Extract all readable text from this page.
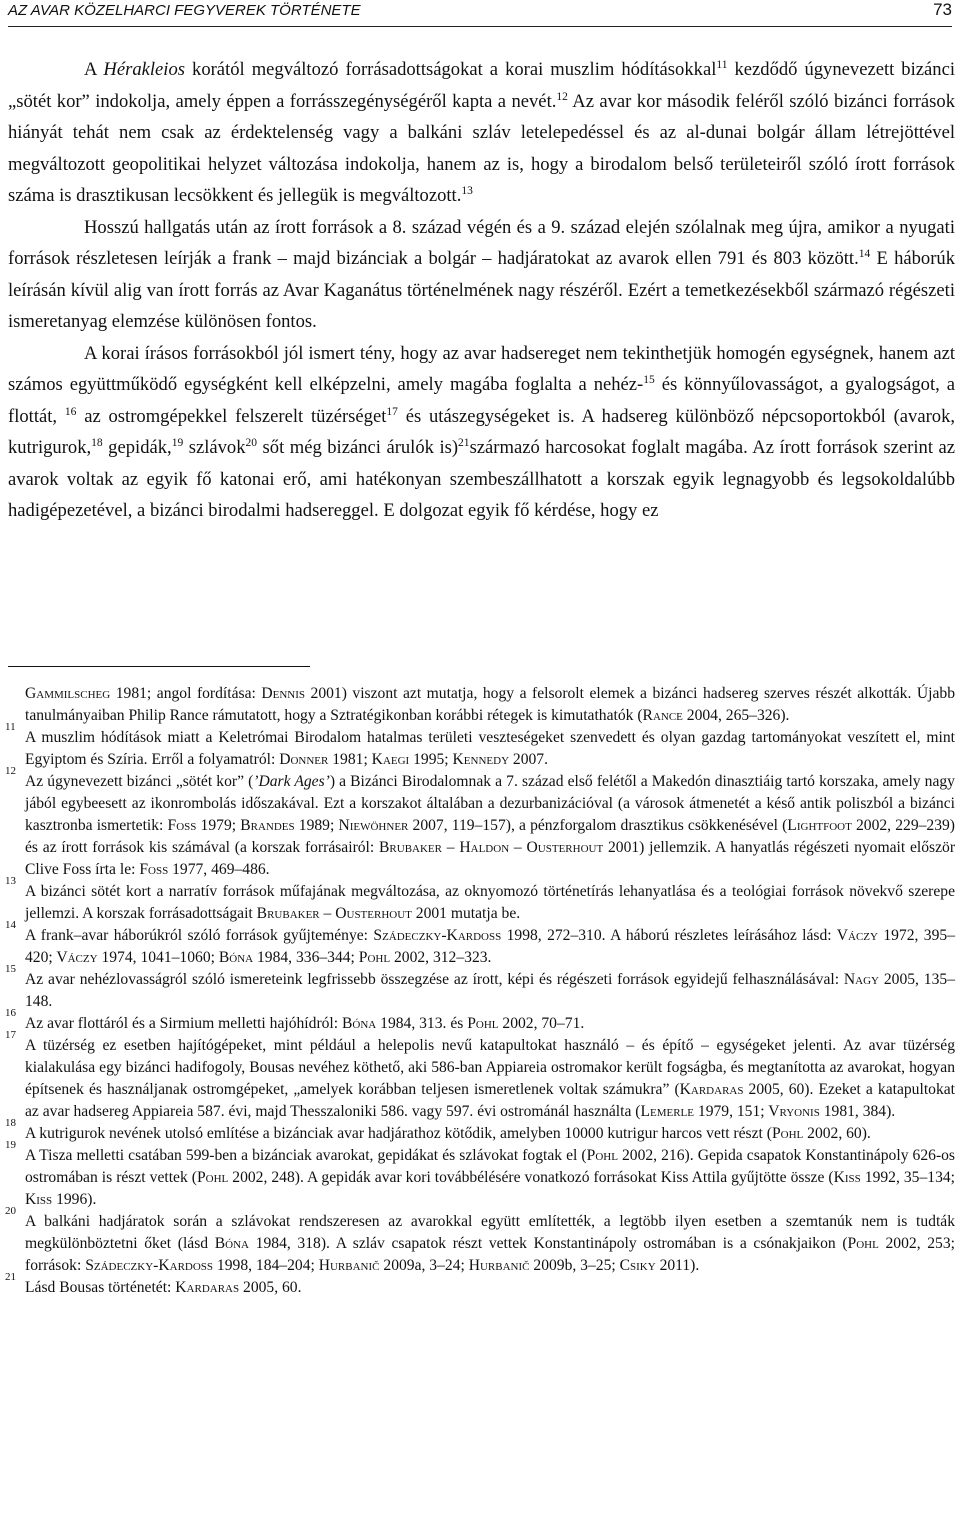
AZ AVAR KÖZELHARCI FEGYVEREK TÖRTÉNETE	73

A Hérakleios korától megváltozó forrásadottságokat a korai muszlim hódításokkal$^{11}$ kezdődő úgynevezett bizánci „sötét kor” indokolja, amely éppen a forrásszegénységéről kapta a nevét.$^{12}$ Az avar kor második feléről szóló bizánci források hiányát tehát nem csak az érdektelenség vagy a balkáni szláv letelepedéssel és az al-dunai bolgár állam létrejöttével megváltozott geopolitikai helyzet változása indokolja, hanem az is, hogy a birodalom belső területeiről szóló írott források száma is drasztikusan lecsökkent és jellegük is megváltozott.$^{13}$

Hosszú hallgatás után az írott források a 8. század végén és a 9. század elején szólalnak meg újra, amikor a nyugati források részletesen leírják a frank – majd bizánciak a bolgár – hadjáratokat az avarok ellen 791 és 803 között.$^{14}$ E háborúk leírásán kívül alig van írott forrás az Avar Kaganátus történelmének nagy részéről. Ezért a temetkezésekből származó régészeti ismeretanyag elemzése különösen fontos.

A korai írásos forrásokból jól ismert tény, hogy az avar hadsereget nem tekinthetjük homogén egységnek, hanem azt számos együttműködő egységként kell elképzelni, amely magába foglalta a nehéz-$^{15}$ és könnyűlovasságot, a gyalogságot, a flottát, $^{16}$ az ostromgépekkel felszerelt tüzérséget$^{17}$ és utászegységeket is. A hadsereg különböző népcsoportokból (avarok, kutrigurok,$^{18}$ gepidák,$^{19}$ szlávok$^{20}$ sőt még bizánci árulók is)$^{21}$származó harcosokat foglalt magába. Az írott források szerint az avarok voltak az egyik fő katonai erő, ami hatékonyan szembeszállhatott a korszak egyik legnagyobb és legsokoldalúbb hadigépezetével, a bizánci birodalmi hadsereggel. E dolgozat egyik fő kérdése, hogy ez

Gammilscheg 1981; angol fordítása: Dennis 2001) viszont azt mutatja, hogy a felsorolt elemek a bizánci hadsereg szerves részét alkották. Újabb tanulmányaiban Philip Rance rámutatott, hogy a Sztratégikonban korábbi rétegek is kimutathatók (Rance 2004, 265–326).
11
A muszlim hódítások miatt a Keletrómai Birodalom hatalmas területi veszteségeket szenvedett és olyan gazdag tartományokat veszített el, mint Egyiptom és Szíria. Erről a folyamatról: Donner 1981; Kaegi 1995; Kennedy 2007.
12
Az úgynevezett bizánci „sötét kor” (’Dark Ages’) a Bizánci Birodalomnak a 7. század első felétől a Makedón dinasztiáig tartó korszaka, amely nagy jából egybeesett az ikonrombolás időszakával. Ezt a korszakot általában a dezurbanizációval (a városok átmenetét a késő antik poliszból a bizánci kasztronba ismertetik: Foss 1979; Brandes 1989; Niewöhner 2007, 119–157), a pénzforgalom drasztikus csökkenésével (Lightfoot 2002, 229–239) és az írott források kis számával (a korszak forrásairól: Brubaker – Haldon – Ousterhout 2001) jellemzik. A hanyatlás régészeti nyomait először Clive Foss írta le: Foss 1977, 469–486.
13
A bizánci sötét kort a narratív források műfajának megváltozása, az oknyomozó történetírás lehanyatlása és a teológiai források növekvő szerepe jellemzi. A korszak forrásadottságait Brubaker – Ousterhout 2001 mutatja be.
14
A frank–avar háborúkról szóló források gyűjteménye: Szádeczky-Kardoss 1998, 272–310. A háború részletes leírásához lásd: Váczy 1972, 395–420; Váczy 1974, 1041–1060; Bóna 1984, 336–344; Pohl 2002, 312–323.
15
Az avar nehézlovasságról szóló ismereteink legfrissebb összegzése az írott, képi és régészeti források egyidejű felhasználásával: Nagy 2005, 135–148.
16
Az avar flottáról és a Sirmium melletti hajóhídról: Bóna 1984, 313. és Pohl 2002, 70–71.
17
A tüzérség ez esetben hajítógépeket, mint például a helepolis nevű katapultokat használó – és építő – egységeket jelenti. Az avar tüzérség kialakulása egy bizánci hadifogoly, Bousas nevéhez köthető, aki 586-ban Appiareia ostromakor került fogságba, és megtanította az avarokat, hogyan építsenek és használjanak ostromgépeket, „amelyek korábban teljesen ismeretlenek voltak számukra” (Kardaras 2005, 60). Ezeket a katapultokat az avar hadsereg Appiareia 587. évi, majd Thesszaloniki 586. vagy 597. évi ostrománál használta (Lemerle 1979, 151; Vryonis 1981, 384).
18
A kutrigurok nevének utolsó említése a bizánciak avar hadjárathoz kötődik, amelyben 10000 kutrigur harcos vett részt (Pohl 2002, 60).
19
A Tisza melletti csatában 599-ben a bizánciak avarokat, gepidákat és szlávokat fogtak el (Pohl 2002, 216). Gepida csapatok Konstantinápoly 626-os ostromában is részt vettek (Pohl 2002, 248). A gepidák avar kori továbbélésére vonatkozó forrásokat Kiss Attila gyűjtötte össze (Kiss 1992, 35–134; Kiss 1996).
20
A balkáni hadjáratok során a szlávokat rendszeresen az avarokkal együtt említették, a legtöbb ilyen esetben a szemtanúk nem is tudták megkülönböztetni őket (lásd Bóna 1984, 318). A szláv csapatok részt vettek Konstantinápoly ostromában is a csónakjaikon (Pohl 2002, 253; források: Szádeczky-Kardoss 1998, 184–204; Hurbanič 2009a, 3–24; Hurbanič 2009b, 3–25; Csiky 2011).
21
Lásd Bousas történetét: Kardaras 2005, 60.
